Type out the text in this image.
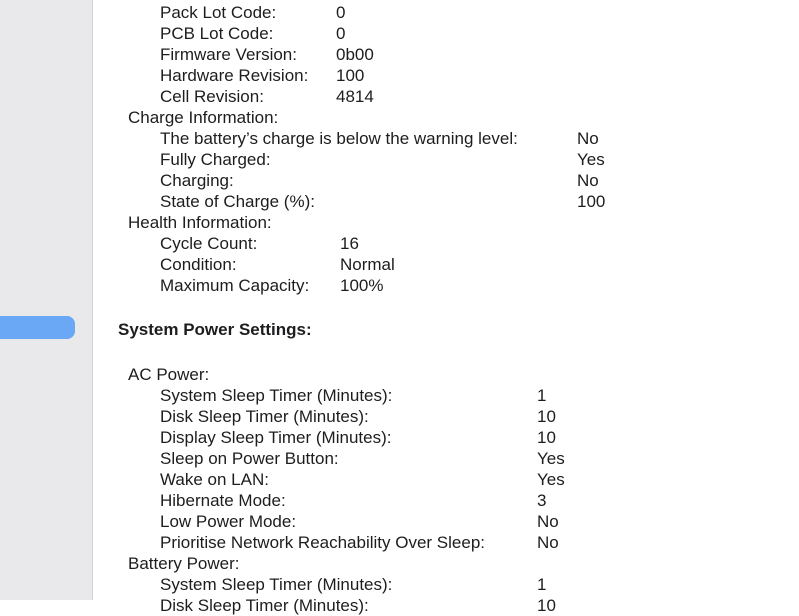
Pack Lot Code:	0
PCB Lot Code:	0
Firmware Version: 0b00
Hardware Revision: 100
Cell Revision:	4814
Charge Information:
The battery’s charge is below the warning level:	No
Fully Charged:	Yes
Charging:	No
State of Charge (%):	100
Health Information:
Cycle Count:	16
Condition:	Normal
Maximum Capacity: 100%
System Power Settings:
AC Power:
System Sleep Timer (Minutes):	1
Disk Sleep Timer (Minutes):	10
Display Sleep Timer (Minutes):	10
Sleep on Power Button:	Yes
Wake on LAN:	Yes
Hibernate Mode:	3
Low Power Mode:	No
Prioritise Network Reachability Over Sleep:	No
Battery Power:
System Sleep Timer (Minutes):	1
Disk Sleep Timer (Minutes):	10
